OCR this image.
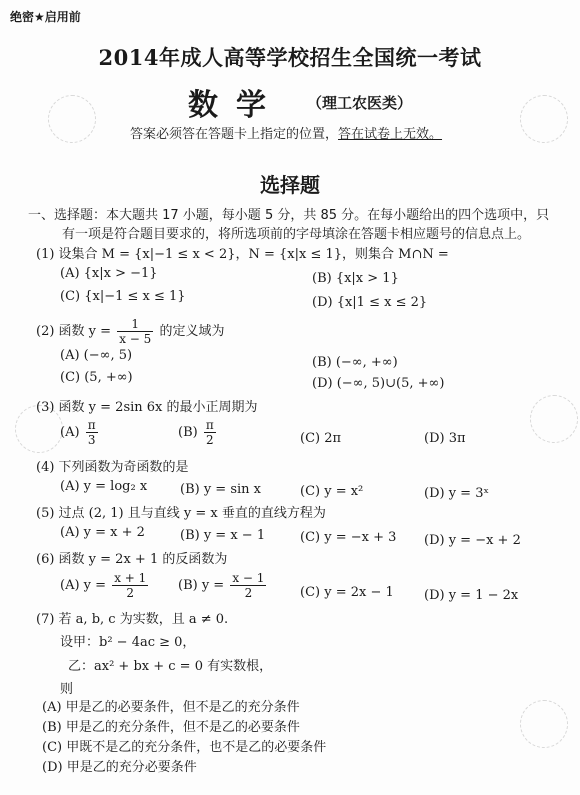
绝密★启用前
2014年成人高等学校招生全国统一考试
数学 （理工农医类）
答案必须答在答题卡上指定的位置，答在试卷上无效。
选择题
一、选择题：本大题共 17 小题，每小题 5 分，共 85 分。在每小题给出的四个选项中，只
有一项是符合题目要求的，将所选项前的字母填涂在答题卡相应题号的信息点上。
(1) 设集合 M = {x|−1 ≤ x < 2}，N = {x|x ≤ 1}，则集合 M∩N =
(A) {x|x > −1}	(B) {x|x > 1}
(C) {x|−1 ≤ x ≤ 1}	(D) {x|1 ≤ x ≤ 2}
(2) 函数 $y = \frac{1}{x - 5}$ 的定义域为
(A) (−∞, 5)	(B) (−∞, +∞)
(C) (5, +∞)	(D) (−∞, 5)∪(5, +∞)
(3) 函数 y = 2sin 6x 的最小正周期为
$(A) \frac{\pi}{3}$	$(B) \frac{\pi}{2}$	(C) 2π	(D) 3π
(4) 下列函数为奇函数的是
(A) y = log₂ x	(B) y = sin x	(C) y = x²	(D) y = 3ˣ
(5) 过点 (2, 1) 且与直线 y = x 垂直的直线方程为
(A) y = x + 2	(B) y = x − 1	(C) y = −x + 3 (D) y = −x + 2
(6) 函数 y = 2x + 1 的反函数为
(A) $y = \frac{x + 1}{2} (B) y = \frac{x - 1}{2}$	(C) y = 2x − 1 (D) y = 1 − 2x
(7) 若 a, b, c 为实数，且 a ≠ 0.
设甲：b² − 4ac ≥ 0，
乙：ax² + bx + c = 0 有实数根，
则
(A) 甲是乙的必要条件，但不是乙的充分条件
(B) 甲是乙的充分条件，但不是乙的必要条件
(C) 甲既不是乙的充分条件，也不是乙的必要条件
(D) 甲是乙的充分必要条件
